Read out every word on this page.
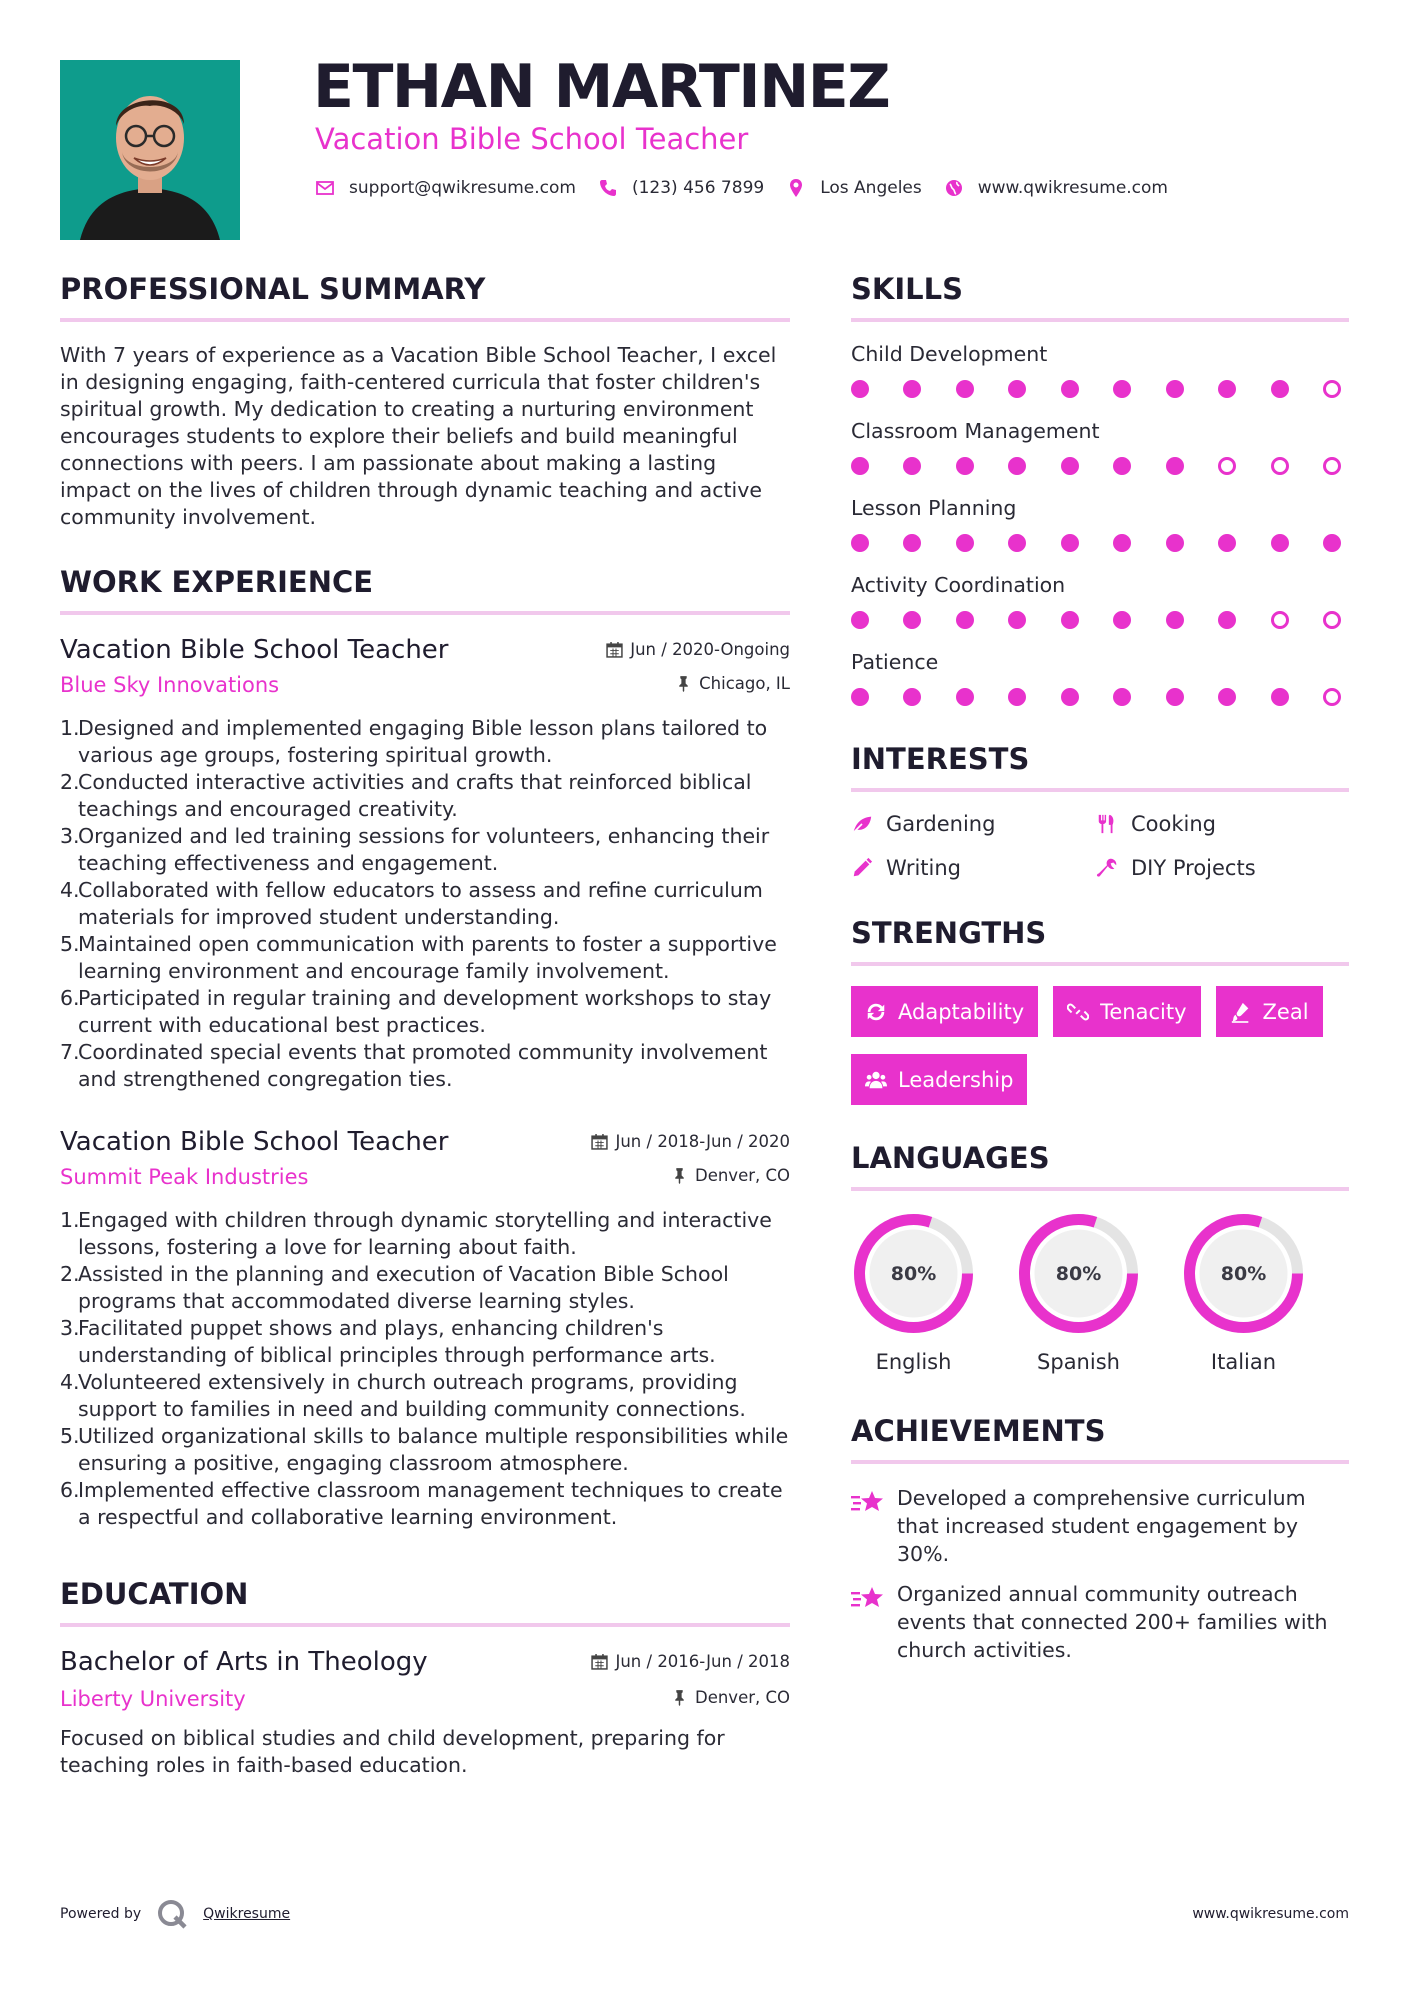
ETHAN MARTINEZ
Vacation Bible School Teacher
support@qwikresume.com	(123) 456 7899	Los Angeles	www.qwikresume.com
PROFESSIONAL SUMMARY

With 7 years of experience as a Vacation Bible School Teacher, I excel in designing engaging, faith-centered curricula that foster children's spiritual growth. My dedication to creating a nurturing environment encourages students to explore their beliefs and build meaningful connections with peers. I am passionate about making a lasting impact on the lives of children through dynamic teaching and active community involvement.

WORK EXPERIENCE
Vacation Bible School Teacher	Jun / 2020-Ongoing
Blue Sky Innovations	Chicago, IL
1.
Designed and implemented engaging Bible lesson plans tailored to various age groups, fostering spiritual growth.
2.
Conducted interactive activities and crafts that reinforced biblical teachings and encouraged creativity.
3.
Organized and led training sessions for volunteers, enhancing their teaching effectiveness and engagement.
4.
Collaborated with fellow educators to assess and refine curriculum materials for improved student understanding.
5.
Maintained open communication with parents to foster a supportive learning environment and encourage family involvement.
6.
Participated in regular training and development workshops to stay current with educational best practices.
7.
Coordinated special events that promoted community involvement and strengthened congregation ties.
Vacation Bible School Teacher	Jun / 2018-Jun / 2020
Summit Peak Industries	Denver, CO
1.
Engaged with children through dynamic storytelling and interactive lessons, fostering a love for learning about faith.
2.
Assisted in the planning and execution of Vacation Bible School programs that accommodated diverse learning styles.
3.
Facilitated puppet shows and plays, enhancing children's understanding of biblical principles through performance arts.
4.
Volunteered extensively in church outreach programs, providing support to families in need and building community connections.
5.
Utilized organizational skills to balance multiple responsibilities while ensuring a positive, engaging classroom atmosphere.
6.
Implemented effective classroom management techniques to create a respectful and collaborative learning environment.
EDUCATION
Bachelor of Arts in Theology	Jun / 2016-Jun / 2018
Liberty University	Denver, CO

Focused on biblical studies and child development, preparing for teaching roles in faith-based education.

SKILLS
Child Development
Classroom Management
Lesson Planning
Activity Coordination
Patience
INTERESTS
Gardening	Cooking
Writing	DIY Projects
STRENGTHS
Adaptability	Tenacity	Zeal
Leadership
LANGUAGES
80%
English
80%
Spanish
80%
Italian
ACHIEVEMENTS
Developed a comprehensive curriculum that increased student engagement by 30%.
Organized annual community outreach events that connected 200+ families with church activities.
Powered by	Qwikresume	www.qwikresume.com
